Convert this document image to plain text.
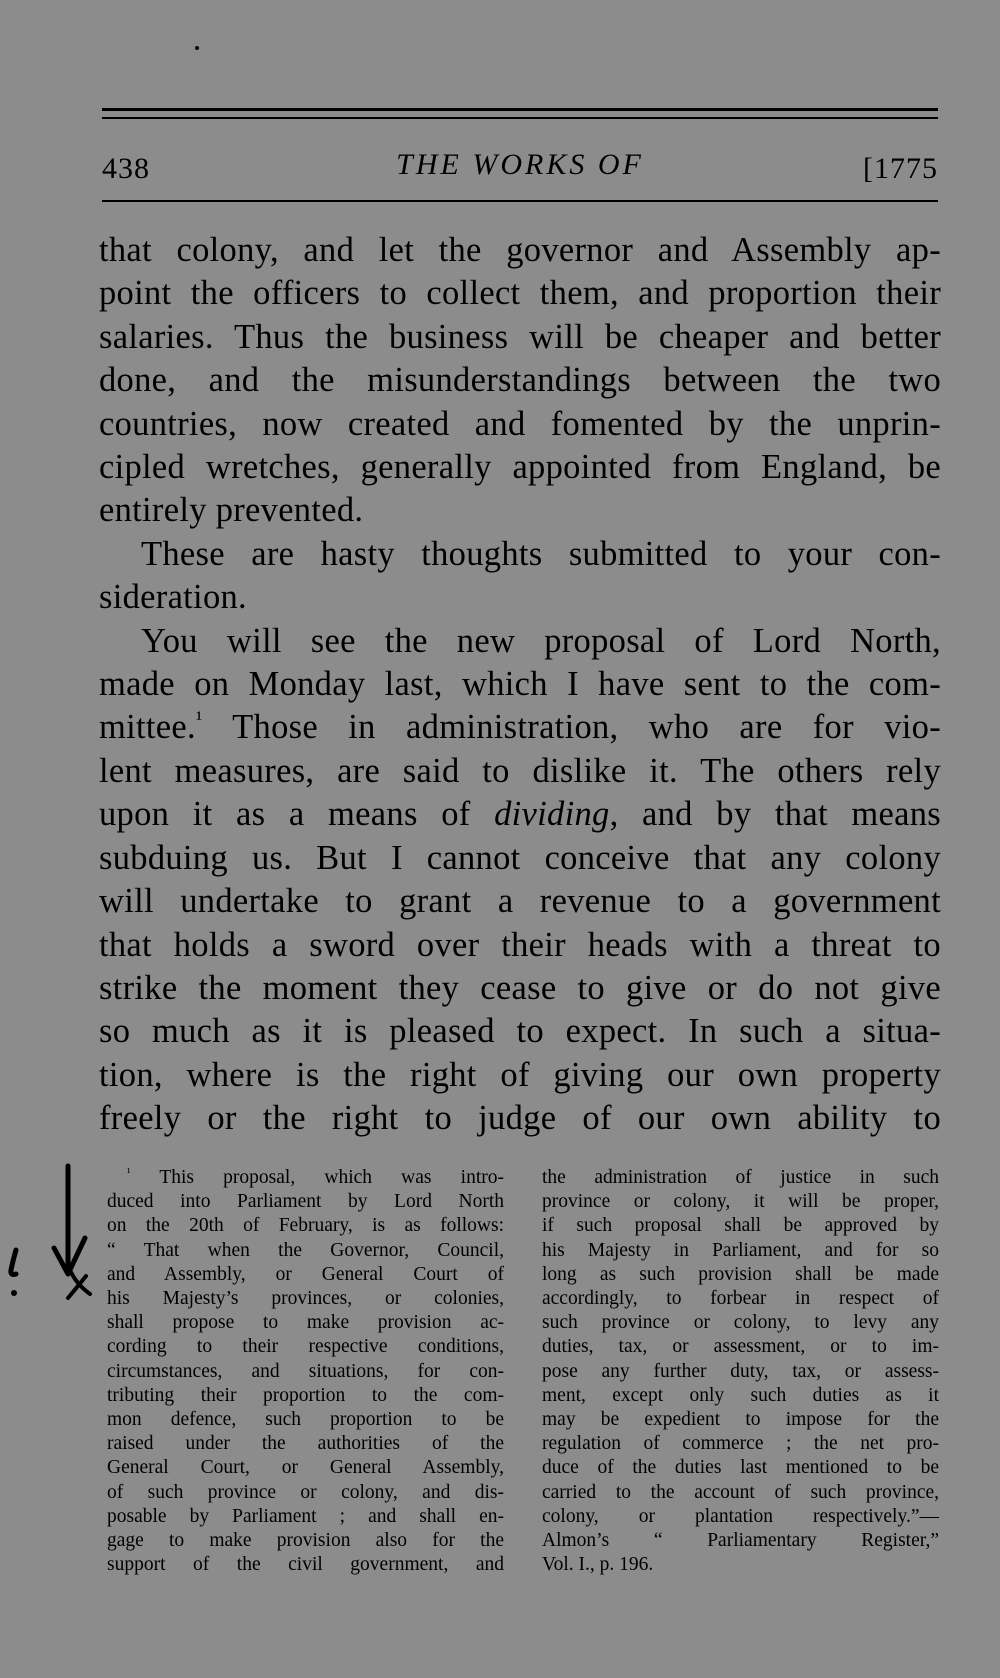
438	THE WORKS OF	[1775

that colony, and let the governor and Assembly ap-

point the officers to collect them, and proportion their

salaries. Thus the business will be cheaper and better

done, and the misunderstandings between the two

countries, now created and fomented by the unprin-

cipled wretches, generally appointed from England, be

entirely prevented.

These are hasty thoughts submitted to your con-

sideration.

You will see the new proposal of Lord North,

made on Monday last, which I have sent to the com-

mittee.$^{^1}$ Those in administration, who are for vio-

lent measures, are said to dislike it. The others rely

upon it as a means of dividing, and by that means

subduing us. But I cannot conceive that any colony

will undertake to grant a revenue to a government

that holds a sword over their heads with a threat to

strike the moment they cease to give or do not give

so much as it is pleased to expect. In such a situa-

tion, where is the right of giving our own property

freely or the right to judge of our own ability to

$^{^1}$ This proposal, which was intro-

duced into Parliament by Lord North

on the 20th of February, is as follows:

“ That when the Governor, Council,

and Assembly, or General Court of

his Majesty’s provinces, or colonies,

shall propose to make provision ac-

cording to their respective conditions,

circumstances, and situations, for con-

tributing their proportion to the com-

mon defence, such proportion to be

raised under the authorities of the

General Court, or General Assembly,

of such province or colony, and dis-

posable by Parliament ; and shall en-

gage to make provision also for the

support of the civil government, and

the administration of justice in such

province or colony, it will be proper,

if such proposal shall be approved by

his Majesty in Parliament, and for so

long as such provision shall be made

accordingly, to forbear in respect of

such province or colony, to levy any

duties, tax, or assessment, or to im-

pose any further duty, tax, or assess-

ment, except only such duties as it

may be expedient to impose for the

regulation of commerce ; the net pro-

duce of the duties last mentioned to be

carried to the account of such province,

colony, or plantation respectively.”—

Almon’s “ Parliamentary Register,”

Vol. I., p. 196.
